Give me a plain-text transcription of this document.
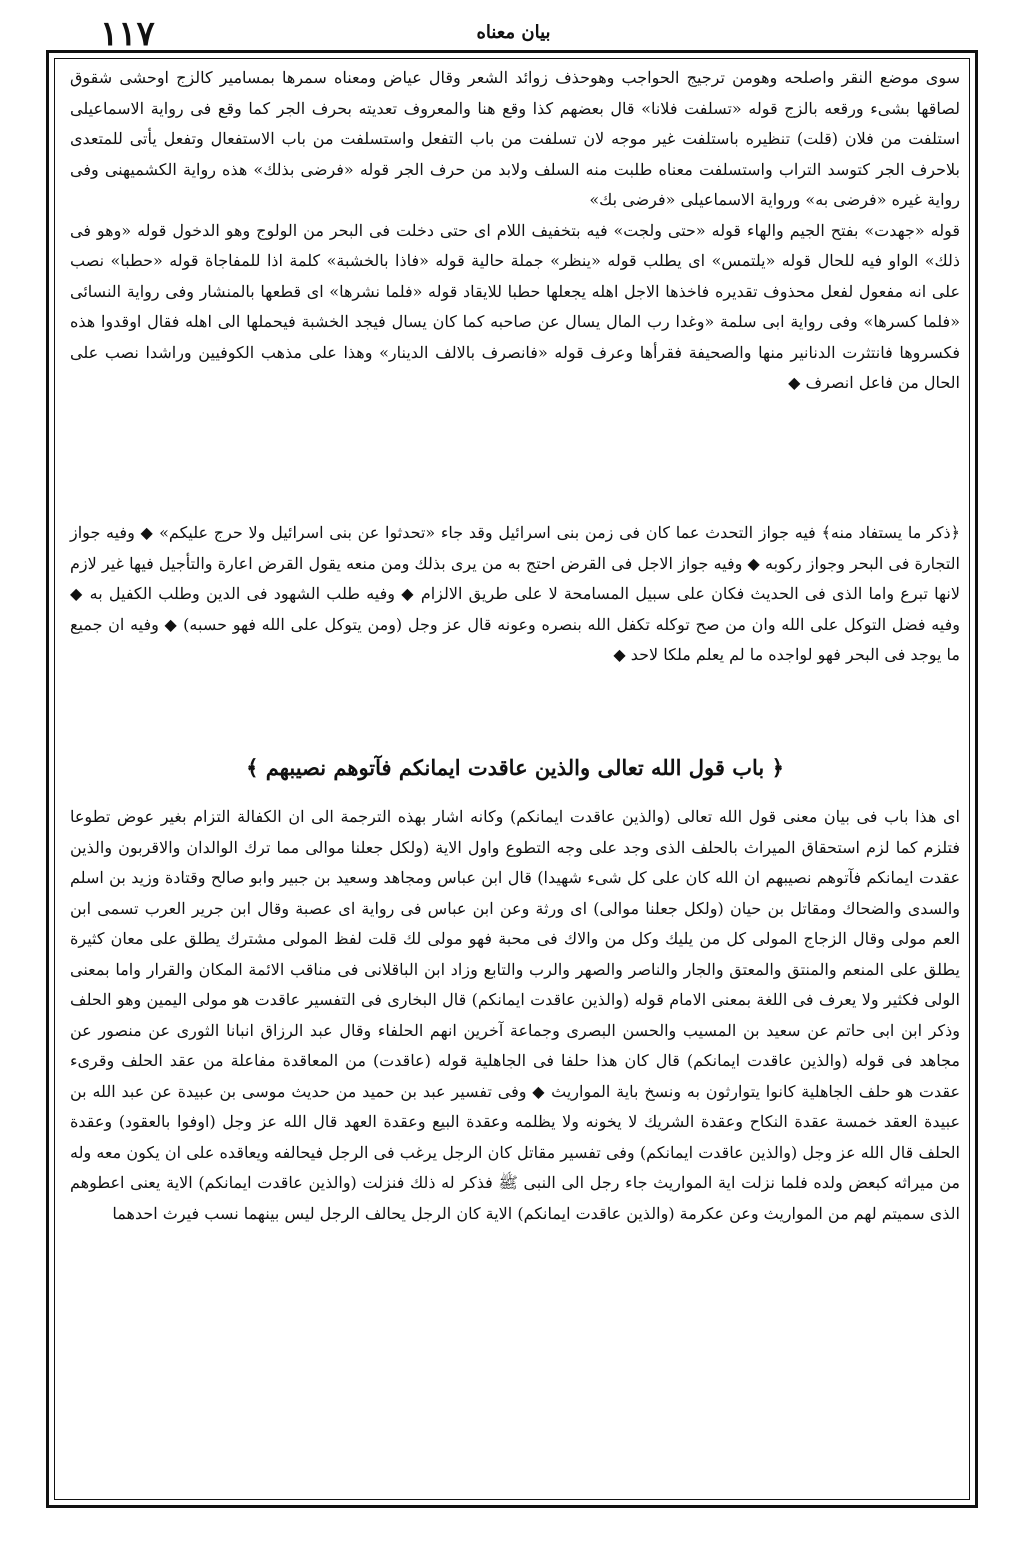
١١٧	بيان معناه

سوی موضع النقر واصلحه وهومن ترجيج الحواجب وهوحذف زوائد الشعر وقال عياض ومعناه سمرها بمسامير كالزج اوحشى شقوق لصاقها بشیء ورقعه بالزج قوله «تسلفت فلانا» قال بعضهم كذا وقع هنا والمعروف تعديته بحرف الجر كما وقع فی رواية الاسماعيلی استلفت من فلان (قلت) تنظيره باستلفت غير موجه لان تسلفت من باب التفعل واستسلفت من باب الاستفعال وتفعل يأتی للمتعدی بلاحرف الجر كتوسد التراب واستسلفت معناه طلبت منه السلف ولابد من حرف الجر قوله «فرضی بذلك» هذه رواية الكشميهنی وفی رواية غيره «فرضی به» ورواية الاسماعيلی «فرضی بك»

قوله «جهدت» بفتح الجيم والهاء قوله «حتی ولجت» فيه بتخفيف اللام ای حتی دخلت فی البحر من الولوج وهو الدخول قوله «وهو فی ذلك» الواو فيه للحال قوله «يلتمس» ای يطلب قوله «ينظر» جملة حالية قوله «فاذا بالخشبة» كلمة اذا للمفاجاة قوله «حطبا» نصب علی انه مفعول لفعل محذوف تقديره فاخذها الاجل اهله يجعلها حطبا للايقاد قوله «فلما نشرها» ای قطعها بالمنشار وفی رواية النسائی «فلما كسرها» وفی رواية ابی سلمة «وغدا رب المال يسال عن صاحبه كما كان يسال فيجد الخشبة فيحملها الی اهله فقال اوقدوا هذه فكسروها فانتثرت الدنانير منها والصحيفة فقرأها وعرف قوله «فانصرف بالالف الدينار» وهذا علی مذهب الكوفيين وراشدا نصب علی الحال من فاعل انصرف ◆

﴿ذكر ما يستفاد منه﴾ فيه جواز التحدث عما كان فی زمن بنی اسرائيل وقد جاء «تحدثوا عن بنی اسرائيل ولا حرج عليكم» ◆ وفيه جواز التجارة فی البحر وجواز ركوبه ◆ وفيه جواز الاجل فی القرض احتج به من يری بذلك ومن منعه يقول القرض اعارة والتأجيل فيها غير لازم لانها تبرع واما الذی فی الحديث فكان علی سبيل المسامحة لا علی طريق الالزام ◆ وفيه طلب الشهود فی الدين وطلب الكفيل به ◆ وفيه فضل التوكل علی الله وان من صح توكله تكفل الله بنصره وعونه قال عز وجل (ومن يتوكل علی الله فهو حسبه) ◆ وفيه ان جميع ما يوجد فی البحر فهو لواجده ما لم يعلم ملكا لاحد ◆

﴿ باب قول الله تعالی والذين عاقدت ايمانكم فآتوهم نصيبهم ﴾

ای هذا باب فی بيان معنی قول الله تعالی (والذين عاقدت ايمانكم) وكانه اشار بهذه الترجمة الی ان الكفالة التزام بغير عوض تطوعا فتلزم كما لزم استحقاق الميراث بالحلف الذی وجد علی وجه التطوع واول الاية (ولكل جعلنا موالی مما ترك الوالدان والاقربون والذين عقدت ايمانكم فآتوهم نصيبهم ان الله كان علی كل شیء شهيدا) قال ابن عباس ومجاهد وسعيد بن جبير وابو صالح وقتادة وزيد بن اسلم والسدی والضحاك ومقاتل بن حيان (ولكل جعلنا موالی) ای ورثة وعن ابن عباس فی رواية ای عصبة وقال ابن جرير العرب تسمی ابن العم مولی وقال الزجاج المولی كل من يليك وكل من والاك فی محبة فهو مولی لك قلت لفظ المولی مشترك يطلق علی معان كثيرة يطلق علی المنعم والمنتق والمعتق والجار والناصر والصهر والرب والتابع وزاد ابن الباقلانی فی مناقب الائمة المكان والقرار واما بمعنی الولی فكثير ولا يعرف فی اللغة بمعنی الامام قوله (والذين عاقدت ايمانكم) قال البخاری فی التفسير عاقدت هو مولی اليمين وهو الحلف وذكر ابن ابی حاتم عن سعيد بن المسيب والحسن البصری وجماعة آخرين انهم الحلفاء وقال عبد الرزاق انبانا الثوری عن منصور عن مجاهد فی قوله (والذين عاقدت ايمانكم) قال كان هذا حلفا فی الجاهلية قوله (عاقدت) من المعاقدة مفاعلة من عقد الحلف وقریء عقدت هو حلف الجاهلية كانوا يتوارثون به ونسخ باية المواريث ◆ وفی تفسير عبد بن حميد من حديث موسی بن عبيدة عن عبد الله بن عبيدة العقد خمسة عقدة النكاح وعقدة الشريك لا يخونه ولا يظلمه وعقدة البيع وعقدة العهد قال الله عز وجل (اوفوا بالعقود) وعقدة الحلف قال الله عز وجل (والذين عاقدت ايمانكم) وفی تفسير مقاتل كان الرجل يرغب فی الرجل فيحالفه ويعاقده علی ان يكون معه وله من ميراثه كبعض ولده فلما نزلت اية المواريث جاء رجل الی النبی ﷺ فذكر له ذلك فنزلت (والذين عاقدت ايمانكم) الاية يعنی اعطوهم الذی سميتم لهم من المواريث وعن عكرمة (والذين عاقدت ايمانكم) الاية كان الرجل يحالف الرجل ليس بينهما نسب فيرث احدهما
